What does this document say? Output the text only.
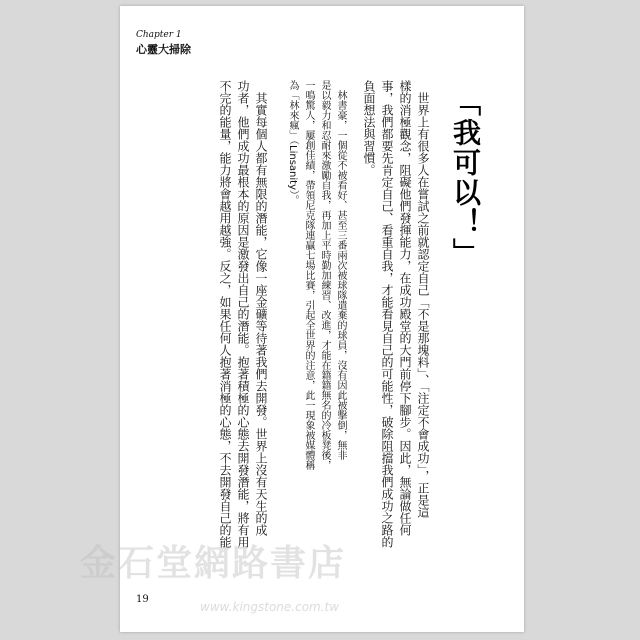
Chapter 1
心靈大掃除
「我可以！」
世界上有很多人在嘗試之前就認定自己「不是那塊料」、「注定不會成功」，正是這
樣的消極觀念，阻礙他們發揮能力，在成功殿堂的大門前停下腳步。因此，無論做任何
事，我們都要先肯定自己、看重自我，才能看見自己的可能性，破除阻擋我們成功之路的
負面想法與習慣。
林書豪，一個從不被看好、甚至三番兩次被球隊遣棄的球員，沒有因此被擊倒，無非
是以毅力和忍耐來激勵自我，再加上平時勤加練習、改進，才能在籍籍無名的冷板凳後，
一鳴驚人，屢創佳績，帶領尼克隊連贏七場比賽，引起全世界的注意，此一現象被媒體稱
為「林來瘋」（Linsanity）。
其實每個人都有無限的潛能，它像一座金礦等待著我們去開發。世界上沒有天生的成
功者，他們成功最根本的原因是激發出自己的潛能。抱著積極的心態去開發潛能，將有用
不完的能量，能力將會越用越強。反之，如果任何人抱著消極的心態，不去開發自己的能
19
金石堂網路書店
www.kingstone.com.tw
